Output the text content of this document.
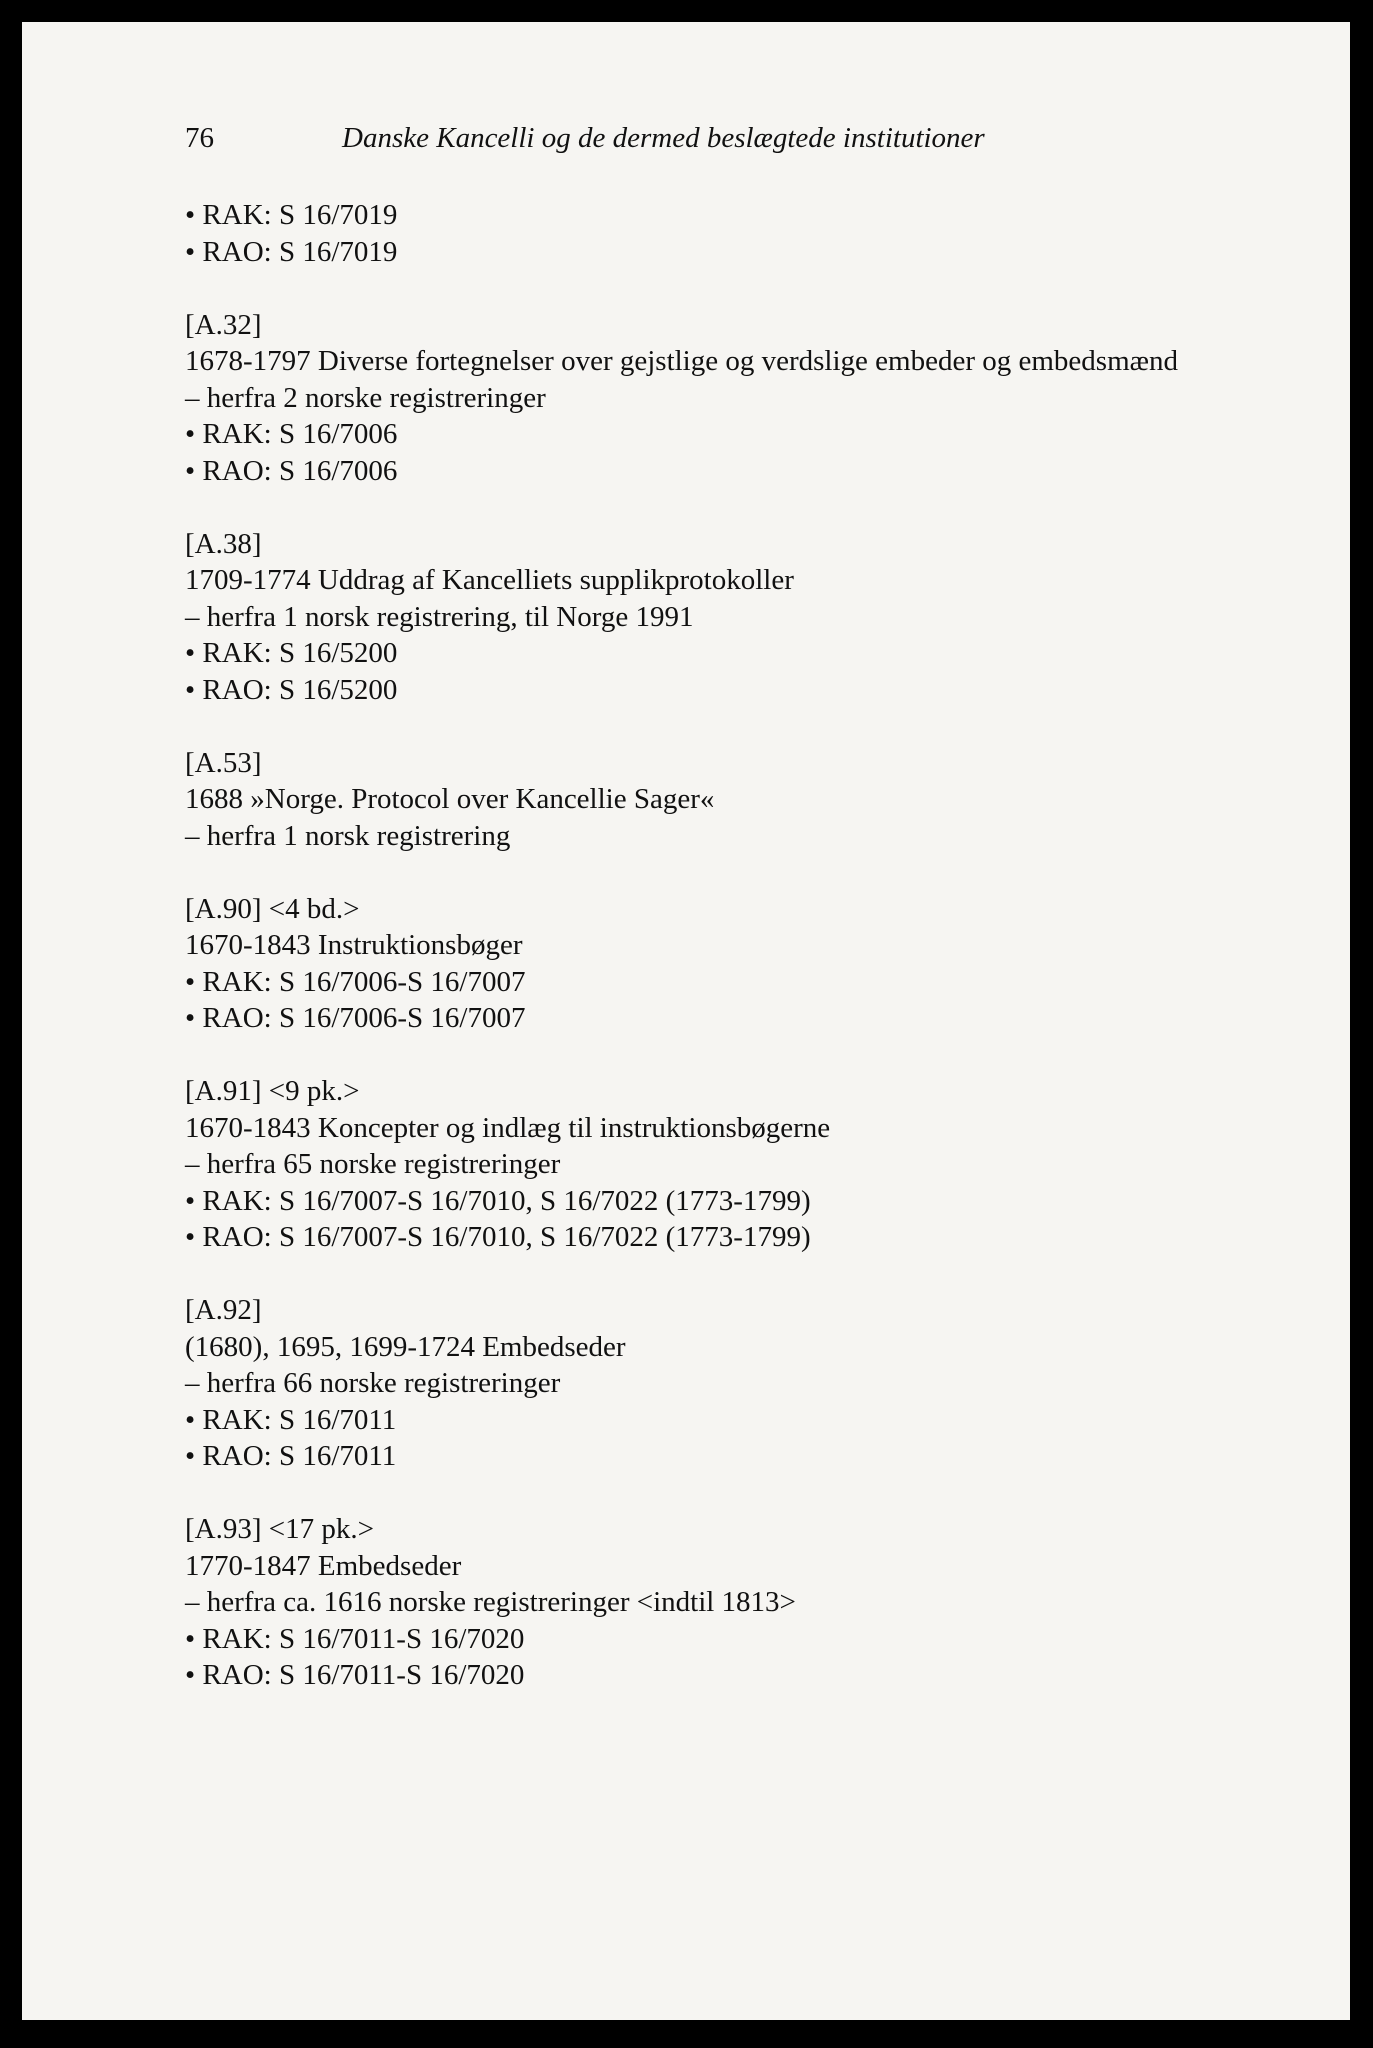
76	Danske Kancelli og de dermed beslægtede institutioner
• RAK: S 16/7019
• RAO: S 16/7019
[A.32]
1678-1797 Diverse fortegnelser over gejstlige og verdslige embeder og embedsmænd
– herfra 2 norske registreringer
• RAK: S 16/7006
• RAO: S 16/7006
[A.38]
1709-1774 Uddrag af Kancelliets supplikprotokoller
– herfra 1 norsk registrering, til Norge 1991
• RAK: S 16/5200
• RAO: S 16/5200
[A.53]
1688 »Norge. Protocol over Kancellie Sager«
– herfra 1 norsk registrering
[A.90] <4 bd.>
1670-1843 Instruktionsbøger
• RAK: S 16/7006-S 16/7007
• RAO: S 16/7006-S 16/7007
[A.91] <9 pk.>
1670-1843 Koncepter og indlæg til instruktionsbøgerne
– herfra 65 norske registreringer
• RAK: S 16/7007-S 16/7010, S 16/7022 (1773-1799)
• RAO: S 16/7007-S 16/7010, S 16/7022 (1773-1799)
[A.92]
(1680), 1695, 1699-1724 Embedseder
– herfra 66 norske registreringer
• RAK: S 16/7011
• RAO: S 16/7011
[A.93] <17 pk.>
1770-1847 Embedseder
– herfra ca. 1616 norske registreringer <indtil 1813>
• RAK: S 16/7011-S 16/7020
• RAO: S 16/7011-S 16/7020
